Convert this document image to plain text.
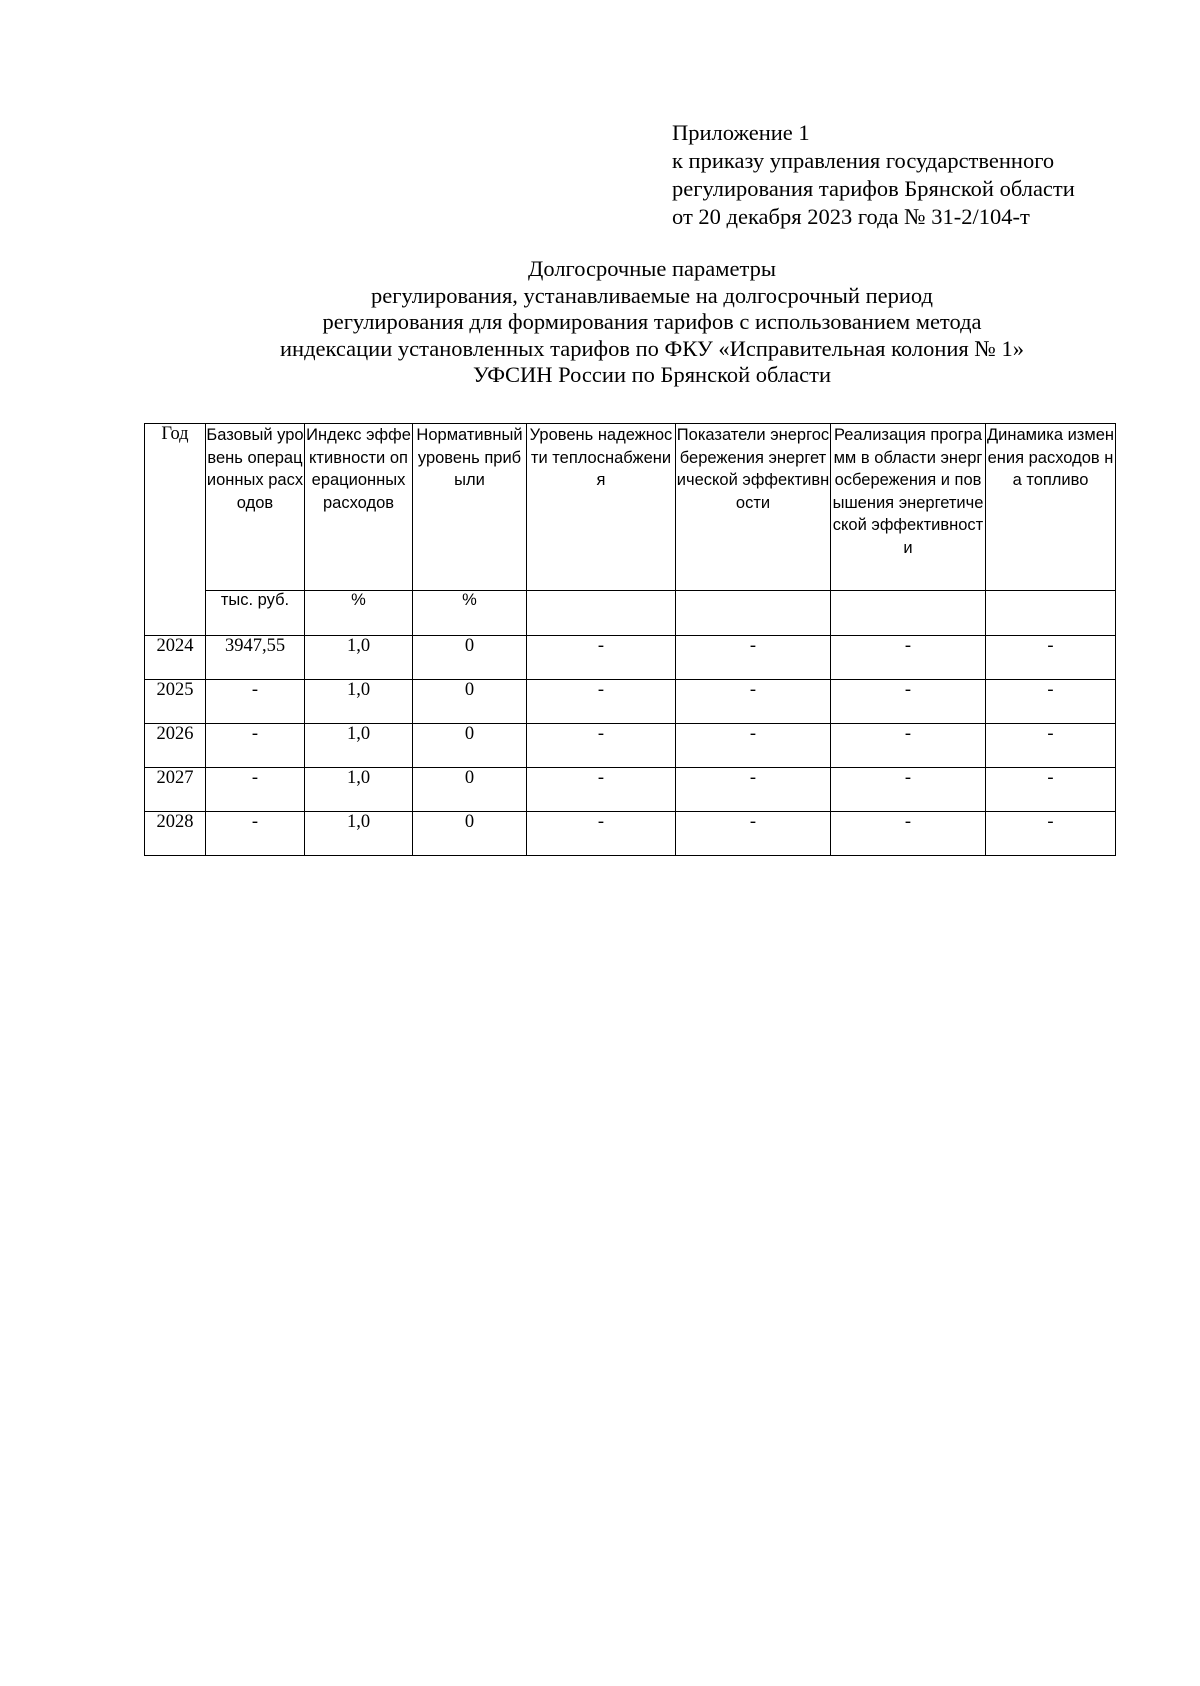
Приложение 1
к приказу управления государственного
регулирования тарифов Брянской области
от 20 декабря 2023 года № 31-2/104-т
Долгосрочные параметры
регулирования, устанавливаемые на долгосрочный период
регулирования для формирования тарифов с использованием метода
индексации установленных тарифов по ФКУ «Исправительная колония № 1»
УФСИН России по Брянской области
Год	Базовый уровень операционных расходов	Индекс эффективности операционных расходов	Нормативный уровень прибыли	Уровень надежности теплоснабжения	Показатели энергосбережения энергетической эффективности	Реализация программ в области энергосбережения и повышения энергетической эффективности	Динамика изменения расходов на топливо
	тыс. руб.	%	%				
2024	3947,55	1,0	0	-	-	-	-
2025	-	1,0	0	-	-	-	-
2026	-	1,0	0	-	-	-	-
2027	-	1,0	0	-	-	-	-
2028	-	1,0	0	-	-	-	-
